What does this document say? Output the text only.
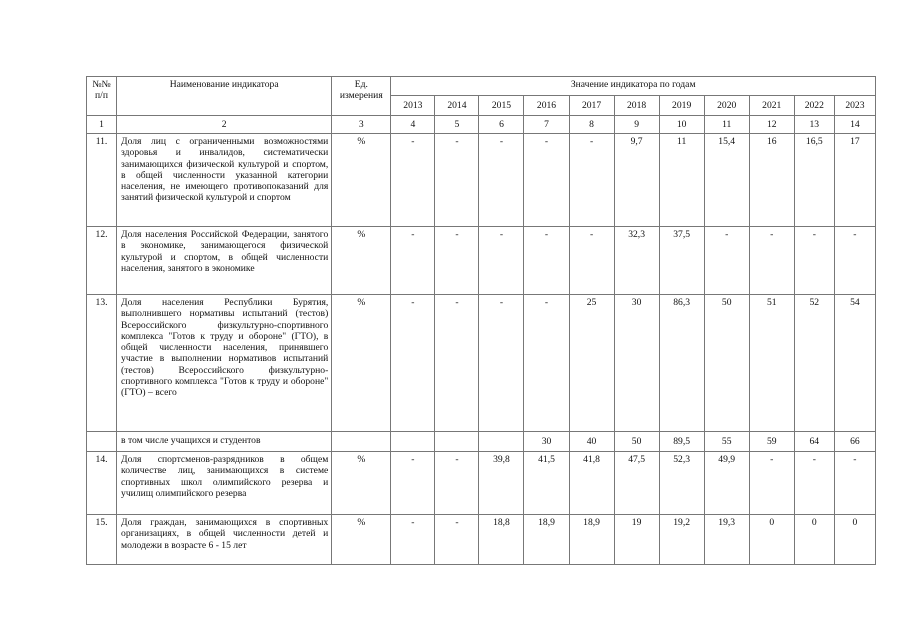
№№ п/п	Наименование индикатора	Ед. измерения	Значение индикатора по годам										
			2013	2014	2015	2016	2017	2018	2019	2020	2021	2022	2023
1	2	3	4	5	6	7	8	9	10	11	12	13	14
11.	Доля лиц с ограниченными возможностями здоровья и инвалидов, систематически занимающихся физической культурой и спортом, в общей численности указанной категории населения, не имеющего противопоказаний для занятий физической культурой и спортом	%	-	-	-	-	-	9,7	11	15,4	16	16,5	17
12.	Доля населения Российской Федерации, занятого в экономике, занимающегося физической культурой и спортом, в общей численности населения, занятого в экономике	%	-	-	-	-	-	32,3	37,5	-	-	-	-
13.	Доля населения Республики Бурятия, выполнившего нормативы испытаний (тестов) Всероссийского физкультурно-спортивного комплекса "Готов к труду и обороне" (ГТО), в общей численности населения, принявшего участие в выполнении нормативов испытаний (тестов) Всероссийского физкультурно-спортивного комплекса "Готов к труду и обороне" (ГТО) – всего	%	-	-	-	-	25	30	86,3	50	51	52	54
	в том числе учащихся и студентов					30	40	50	89,5	55	59	64	66
14.	Доля спортсменов-разрядников в общем количестве лиц, занимающихся в системе спортивных школ олимпийского резерва и училищ олимпийского резерва	%	-	-	39,8	41,5	41,8	47,5	52,3	49,9	-	-	-
15.	Доля граждан, занимающихся в спортивных организациях, в общей численности детей и молодежи в возрасте 6 - 15 лет	%	-	-	18,8	18,9	18,9	19	19,2	19,3	0	0	0
